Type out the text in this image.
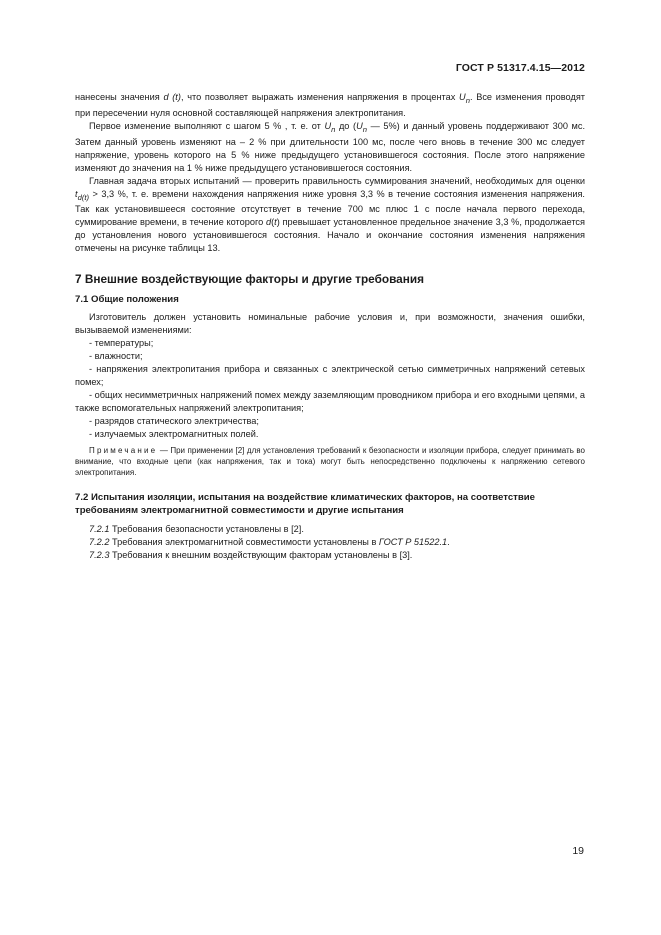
ГОСТ Р 51317.4.15—2012

нанесены значения d (t), что позволяет выражать изменения напряжения в процентах $U_n$. Все изменения проводят при пересечении нуля основной составляющей напряжения электропитания.

Первое изменение выполняют с шагом 5 % , т. е. от $U_n$ до ($U_n$ — 5%) и данный уровень поддерживают 300 мс. Затем данный уровень изменяют на – 2 % при длительности 100 мс, после чего вновь в течение 300 мс следует напряжение, уровень которого на 5 % ниже предыдущего установившегося состояния. После этого напряжение изменяют до значения на 1 % ниже предыдущего установившегося состояния.

Главная задача вторых испытаний — проверить правильность суммирования значений, необходимых для оценки $t_{d(t)} > 3,3$ %, т. е. времени нахождения напряжения ниже уровня 3,3 % в течение состояния изменения напряжения. Так как установившееся состояние отсутствует в течение 700 мс плюс 1 с после начала первого перехода, суммирование времени, в течение которого d(t) превышает установленное предельное значение 3,3 %, продолжается до установления нового установившегося состояния. Начало и окончание состояния изменения напряжения отмечены на рисунке таблицы 13.

7 Внешние воздействующие факторы и другие требования
7.1 Общие положения

Изготовитель должен установить номинальные рабочие условия и, при возможности, значения ошибки, вызываемой изменениями:

- температуры;
- влажности;
- напряжения электропитания прибора и связанных с электрической сетью симметричных напряжений сетевых помех;
- общих несимметричных напряжений помех между заземляющим проводником прибора и его входными цепями, а также вспомогательных напряжений электропитания;
- разрядов статического электричества;
- излучаемых электромагнитных полей.

Примечание — При применении [2] для установления требований к безопасности и изоляции прибора, следует принимать во внимание, что входные цепи (как напряжения, так и тока) могут быть непосредственно подключены к напряжению сетевого электропитания.

7.2 Испытания изоляции, испытания на воздействие климатических факторов, на соответствие требованиям электромагнитной совместимости и другие испытания

7.2.1 Требования безопасности установлены в [2].

7.2.2 Требования электромагнитной совместимости установлены в ГОСТ Р 51522.1.

7.2.3 Требования к внешним воздействующим факторам установлены в [3].

19
